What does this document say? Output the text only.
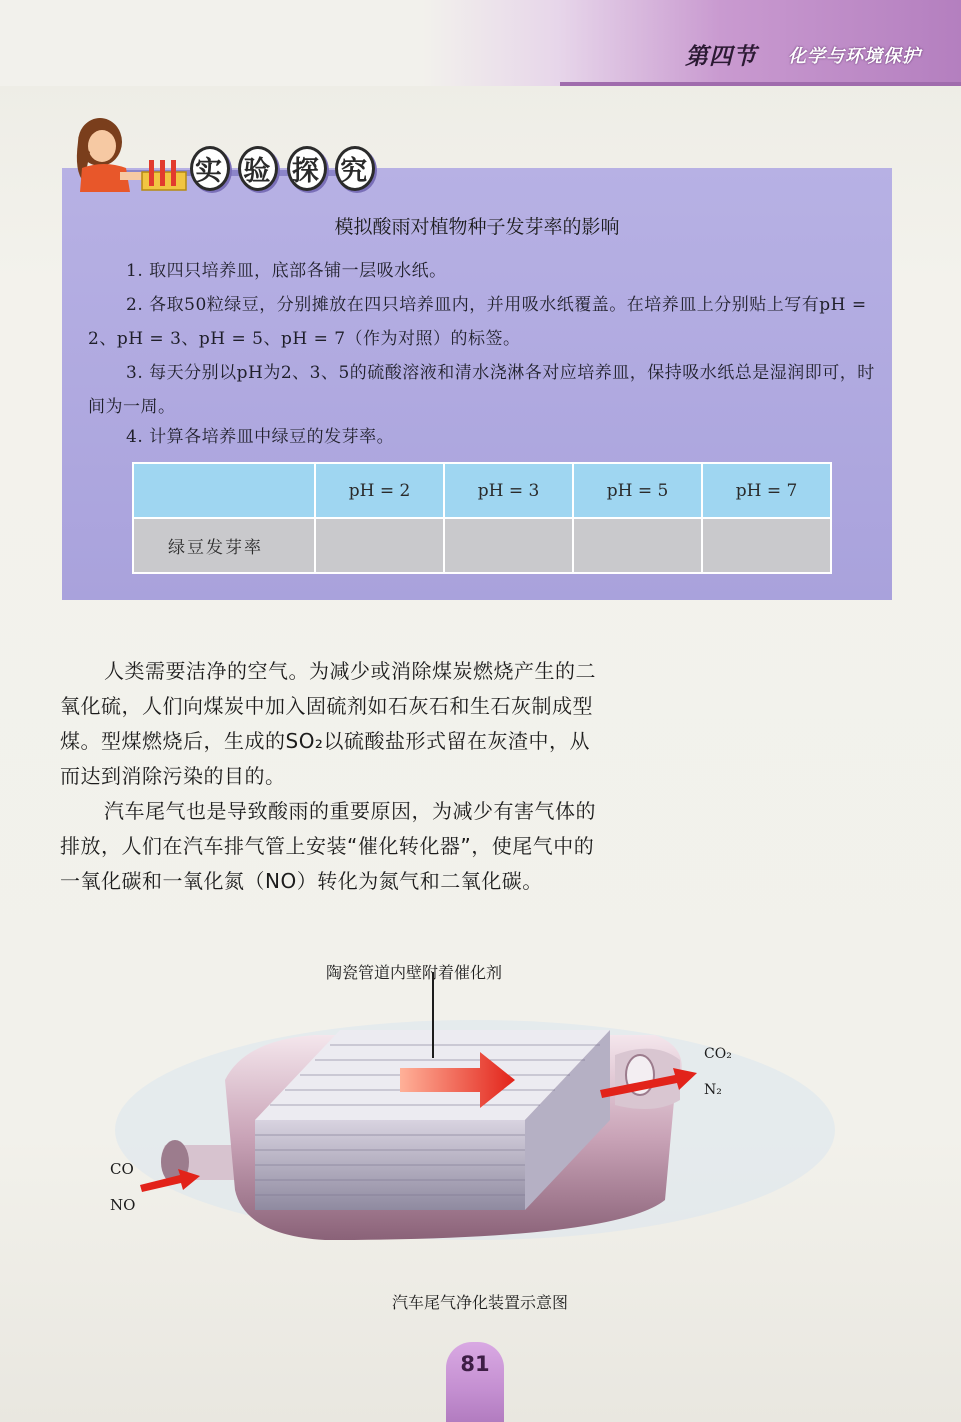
第四节 化学与环境保护
实 验 探 究
模拟酸雨对植物种子发芽率的影响
1. 取四只培养皿，底部各铺一层吸水纸。
2. 各取50粒绿豆，分别摊放在四只培养皿内，并用吸水纸覆盖。在培养皿上分别贴上写有pH = 2、pH = 3、pH = 5、pH = 7（作为对照）的标签。
3. 每天分别以pH为2、3、5的硫酸溶液和清水浇淋各对应培养皿，保持吸水纸总是湿润即可，时间为一周。
4. 计算各培养皿中绿豆的发芽率。
	pH = 2	pH = 3	pH = 5	pH = 7
绿豆发芽率				
人类需要洁净的空气。为减少或消除煤炭燃烧产生的二氧化硫，人们向煤炭中加入固硫剂如石灰石和生石灰制成型煤。型煤燃烧后，生成的SO₂以硫酸盐形式留在灰渣中，从而达到消除污染的目的。
汽车尾气也是导致酸雨的重要原因，为减少有害气体的排放，人们在汽车排气管上安装“催化转化器”，使尾气中的一氧化碳和一氧化氮（NO）转化为氮气和二氧化碳。
陶瓷管道内壁附着催化剂
CO
NO
CO₂
N₂
汽车尾气净化装置示意图
81
